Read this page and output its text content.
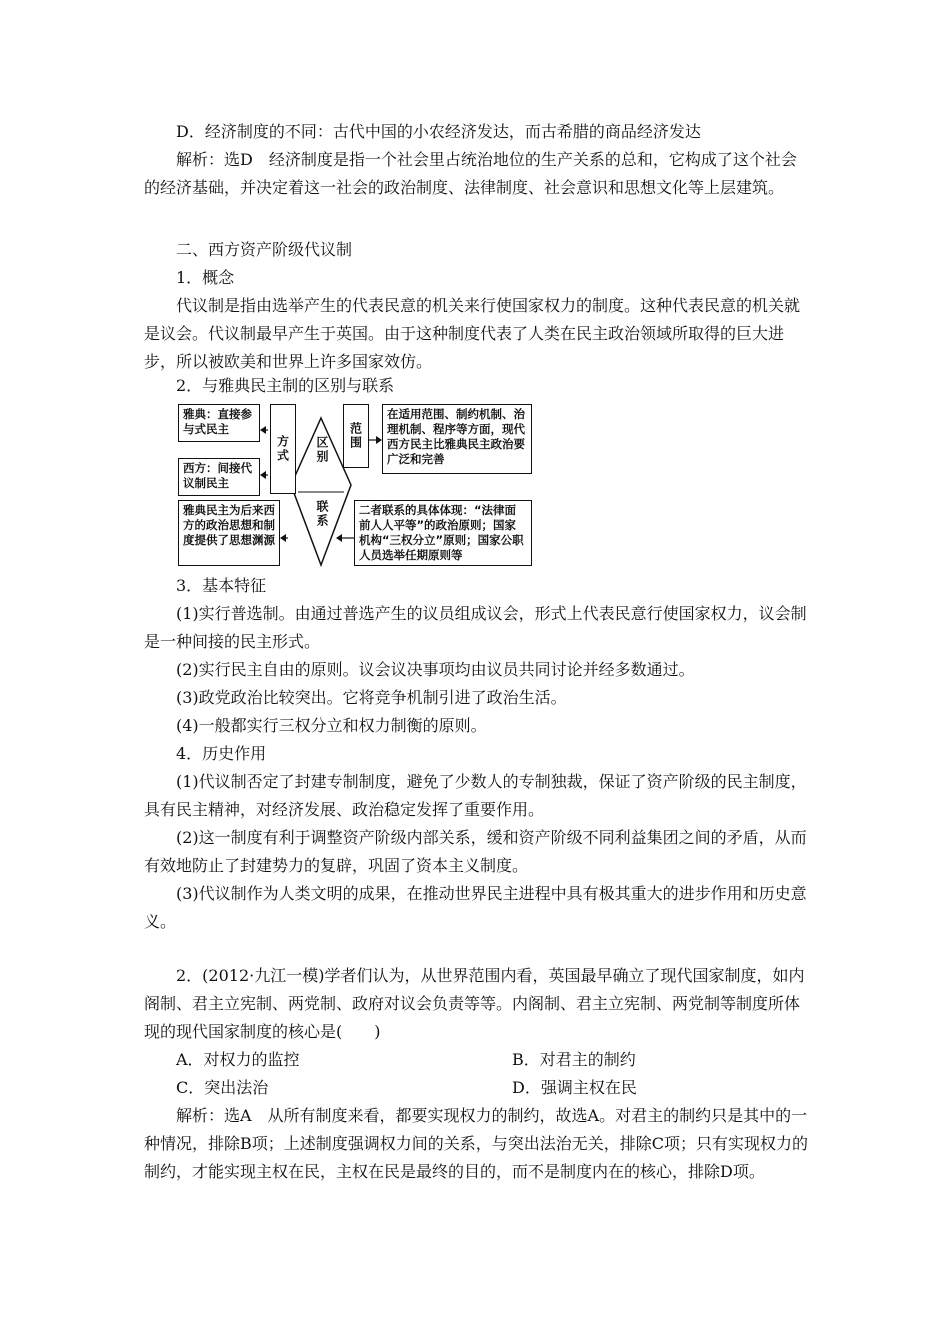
D．经济制度的不同：古代中国的小农经济发达，而古希腊的商品经济发达

解析：选D　经济制度是指一个社会里占统治地位的生产关系的总和，它构成了这个社会的经济基础，并决定着这一社会的政治制度、法律制度、社会意识和思想文化等上层建筑。

二、西方资产阶级代议制

1．概念

代议制是指由选举产生的代表民意的机关来行使国家权力的制度。这种代表民意的机关就是议会。代议制最早产生于英国。由于这种制度代表了人类在民主政治领域所取得的巨大进步，所以被欧美和世界上许多国家效仿。

2．与雅典民主制的区别与联系

雅典：直接参与式民主
西方：间接代议制民主
方式	区别
联系
范围
在适用范围、制约机制、治理机制、程序等方面，现代西方民主比雅典民主政治要广泛和完善
雅典民主为后来西方的政治思想和制度提供了思想渊源
二者联系的具体体现：“法律面前人人平等”的政治原则；国家机构“三权分立”原则；国家公职人员选举任期原则等

3．基本特征

(1)实行普选制。由通过普选产生的议员组成议会，形式上代表民意行使国家权力，议会制是一种间接的民主形式。

(2)实行民主自由的原则。议会议决事项均由议员共同讨论并经多数通过。

(3)政党政治比较突出。它将竞争机制引进了政治生活。

(4)一般都实行三权分立和权力制衡的原则。

4．历史作用

(1)代议制否定了封建专制制度，避免了少数人的专制独裁，保证了资产阶级的民主制度，具有民主精神，对经济发展、政治稳定发挥了重要作用。

(2)这一制度有利于调整资产阶级内部关系，缓和资产阶级不同利益集团之间的矛盾，从而有效地防止了封建势力的复辟，巩固了资本主义制度。

(3)代议制作为人类文明的成果，在推动世界民主进程中具有极其重大的进步作用和历史意义。

2．(2012·九江一模)学者们认为，从世界范围内看，英国最早确立了现代国家制度，如内阁制、君主立宪制、两党制、政府对议会负责等等。内阁制、君主立宪制、两党制等制度所体现的现代国家制度的核心是(　　)

A．对权力的监控	B．对君主的制约

C．突出法治	D．强调主权在民

解析：选A　从所有制度来看，都要实现权力的制约，故选A。对君主的制约只是其中的一种情况，排除B项；上述制度强调权力间的关系，与突出法治无关，排除C项；只有实现权力的制约，才能实现主权在民，主权在民是最终的目的，而不是制度内在的核心，排除D项。
